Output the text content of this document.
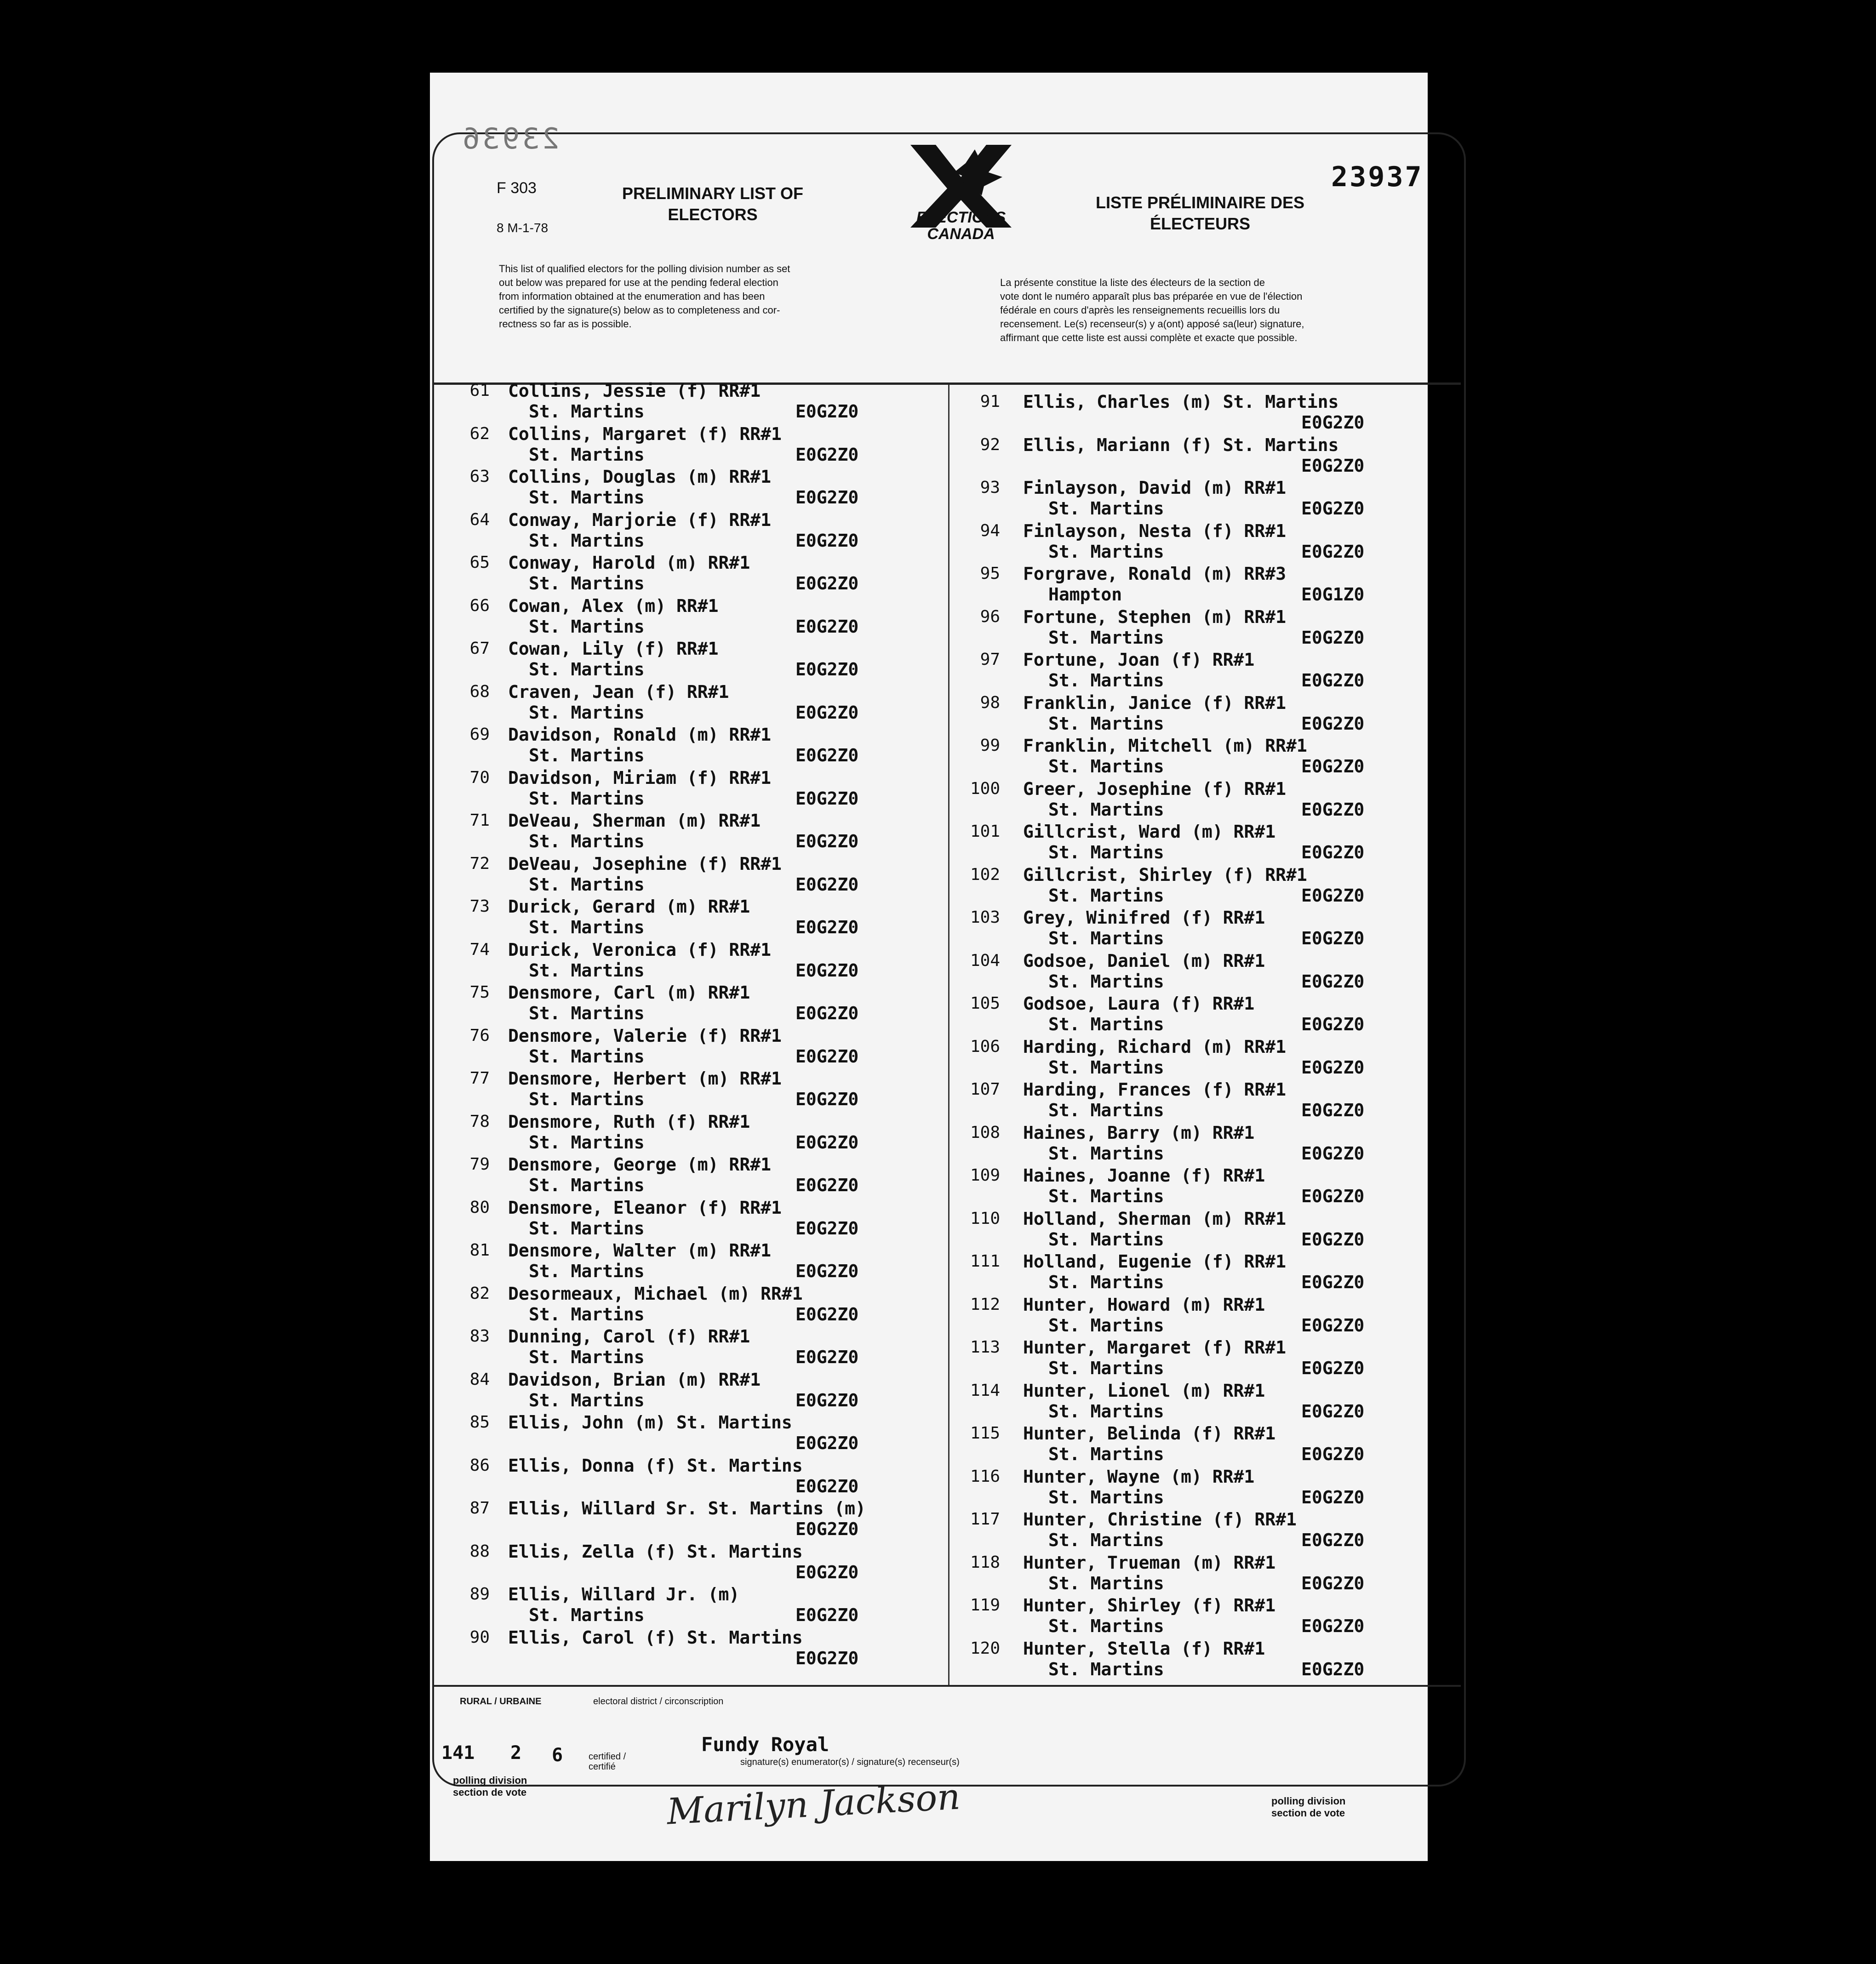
23936
23937
F 303
8 M-1-78
PRELIMINARY LIST OF
ELECTORS
LISTE PRÉLIMINAIRE DES
ÉLECTEURS
ELECTIONS
CANADA
This list of qualified electors for the polling division number as set
out below was prepared for use at the pending federal election
from information obtained at the enumeration and has been
certified by the signature(s) below as to completeness and cor-
rectness so far as is possible.
La présente constitue la liste des électeurs de la section de
vote dont le numéro apparaît plus bas préparée en vue de l'élection
fédérale en cours d'après les renseignements recueillis lors du
recensement. Le(s) recenseur(s) y a(ont) apposé sa(leur) signature,
affirmant que cette liste est aussi complète et exacte que possible.
61 Collins, Jessie (f) RR#1
St. Martins	E0G2Z0
62 Collins, Margaret (f) RR#1
St. Martins	E0G2Z0
63 Collins, Douglas (m) RR#1
St. Martins	E0G2Z0
64 Conway, Marjorie (f) RR#1
St. Martins	E0G2Z0
65 Conway, Harold (m) RR#1
St. Martins	E0G2Z0
66 Cowan, Alex (m) RR#1
St. Martins	E0G2Z0
67 Cowan, Lily (f) RR#1
St. Martins	E0G2Z0
68 Craven, Jean (f) RR#1
St. Martins	E0G2Z0
69 Davidson, Ronald (m) RR#1
St. Martins	E0G2Z0
70 Davidson, Miriam (f) RR#1
St. Martins	E0G2Z0
71 DeVeau, Sherman (m) RR#1
St. Martins	E0G2Z0
72 DeVeau, Josephine (f) RR#1
St. Martins	E0G2Z0
73 Durick, Gerard (m) RR#1
St. Martins	E0G2Z0
74 Durick, Veronica (f) RR#1
St. Martins	E0G2Z0
75 Densmore, Carl (m) RR#1
St. Martins	E0G2Z0
76 Densmore, Valerie (f) RR#1
St. Martins	E0G2Z0
77 Densmore, Herbert (m) RR#1
St. Martins	E0G2Z0
78 Densmore, Ruth (f) RR#1
St. Martins	E0G2Z0
79 Densmore, George (m) RR#1
St. Martins	E0G2Z0
80 Densmore, Eleanor (f) RR#1
St. Martins	E0G2Z0
81 Densmore, Walter (m) RR#1
St. Martins	E0G2Z0
82 Desormeaux, Michael (m) RR#1
St. Martins	E0G2Z0
83 Dunning, Carol (f) RR#1
St. Martins	E0G2Z0
84 Davidson, Brian (m) RR#1
St. Martins	E0G2Z0
85 Ellis, John (m) St. Martins
E0G2Z0
86 Ellis, Donna (f) St. Martins
E0G2Z0
87 Ellis, Willard Sr. St. Martins (m)
E0G2Z0
88 Ellis, Zella (f) St. Martins
E0G2Z0
89 Ellis, Willard Jr. (m)
St. Martins	E0G2Z0
90 Ellis, Carol (f) St. Martins
E0G2Z0
91 Ellis, Charles (m) St. Martins
E0G2Z0
92 Ellis, Mariann (f) St. Martins
E0G2Z0
93 Finlayson, David (m) RR#1
St. Martins	E0G2Z0
94 Finlayson, Nesta (f) RR#1
St. Martins	E0G2Z0
95 Forgrave, Ronald (m) RR#3
Hampton	E0G1Z0
96 Fortune, Stephen (m) RR#1
St. Martins	E0G2Z0
97 Fortune, Joan (f) RR#1
St. Martins	E0G2Z0
98 Franklin, Janice (f) RR#1
St. Martins	E0G2Z0
99 Franklin, Mitchell (m) RR#1
St. Martins	E0G2Z0
100 Greer, Josephine (f) RR#1
St. Martins	E0G2Z0
101 Gillcrist, Ward (m) RR#1
St. Martins	E0G2Z0
102 Gillcrist, Shirley (f) RR#1
St. Martins	E0G2Z0
103 Grey, Winifred (f) RR#1
St. Martins	E0G2Z0
104 Godsoe, Daniel (m) RR#1
St. Martins	E0G2Z0
105 Godsoe, Laura (f) RR#1
St. Martins	E0G2Z0
106 Harding, Richard (m) RR#1
St. Martins	E0G2Z0
107 Harding, Frances (f) RR#1
St. Martins	E0G2Z0
108 Haines, Barry (m) RR#1
St. Martins	E0G2Z0
109 Haines, Joanne (f) RR#1
St. Martins	E0G2Z0
110 Holland, Sherman (m) RR#1
St. Martins	E0G2Z0
111 Holland, Eugenie (f) RR#1
St. Martins	E0G2Z0
112 Hunter, Howard (m) RR#1
St. Martins	E0G2Z0
113 Hunter, Margaret (f) RR#1
St. Martins	E0G2Z0
114 Hunter, Lionel (m) RR#1
St. Martins	E0G2Z0
115 Hunter, Belinda (f) RR#1
St. Martins	E0G2Z0
116 Hunter, Wayne (m) RR#1
St. Martins	E0G2Z0
117 Hunter, Christine (f) RR#1
St. Martins	E0G2Z0
118 Hunter, Trueman (m) RR#1
St. Martins	E0G2Z0
119 Hunter, Shirley (f) RR#1
St. Martins	E0G2Z0
120 Hunter, Stella (f) RR#1
St. Martins	E0G2Z0
RURAL / URBAINE	electoral district / circonscription
141 2 6	Fundy Royal
certified / certifié	signature(s) enumerator(s) / signature(s) recenseur(s)
polling division
section de vote
polling division
section de vote
Marilyn Jackson
